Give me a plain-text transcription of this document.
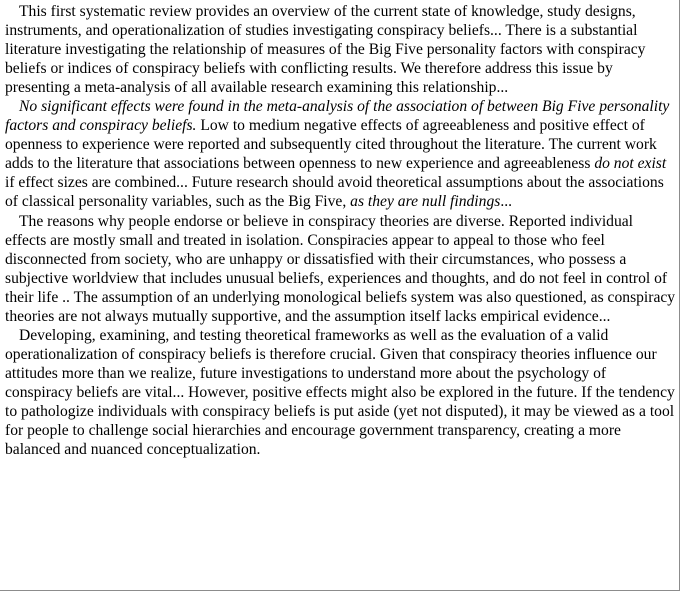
This first systematic review provides an overview of the current state of knowledge, study designs, instruments, and operationalization of studies investigating conspiracy beliefs... There is a substantial literature investigating the relationship of measures of the Big Five personality factors with conspiracy beliefs or indices of conspiracy beliefs with conflicting results. We therefore address this issue by presenting a meta-analysis of all available research examining this relationship...

No significant effects were found in the meta-analysis of the association of between Big Five personality factors and conspiracy beliefs. Low to medium negative effects of agreeableness and positive effect of openness to experience were reported and subsequently cited throughout the literature. The current work adds to the literature that associations between openness to new experience and agreeableness do not exist if effect sizes are combined... Future research should avoid theoretical assumptions about the associations of classical personality variables, such as the Big Five, as they are null findings...

The reasons why people endorse or believe in conspiracy theories are diverse. Reported individual effects are mostly small and treated in isolation. Conspiracies appear to appeal to those who feel disconnected from society, who are unhappy or dissatisfied with their circumstances, who possess a subjective worldview that includes unusual beliefs, experiences and thoughts, and do not feel in control of their life .. The assumption of an underlying monological beliefs system was also questioned, as conspiracy theories are not always mutually supportive, and the assumption itself lacks empirical evidence...

Developing, examining, and testing theoretical frameworks as well as the evaluation of a valid operationalization of conspiracy beliefs is therefore crucial. Given that conspiracy theories influence our attitudes more than we realize, future investigations to understand more about the psychology of conspiracy beliefs are vital... However, positive effects might also be explored in the future. If the tendency to pathologize individuals with conspiracy beliefs is put aside (yet not disputed), it may be viewed as a tool for people to challenge social hierarchies and encourage government transparency, creating a more balanced and nuanced conceptualization.
